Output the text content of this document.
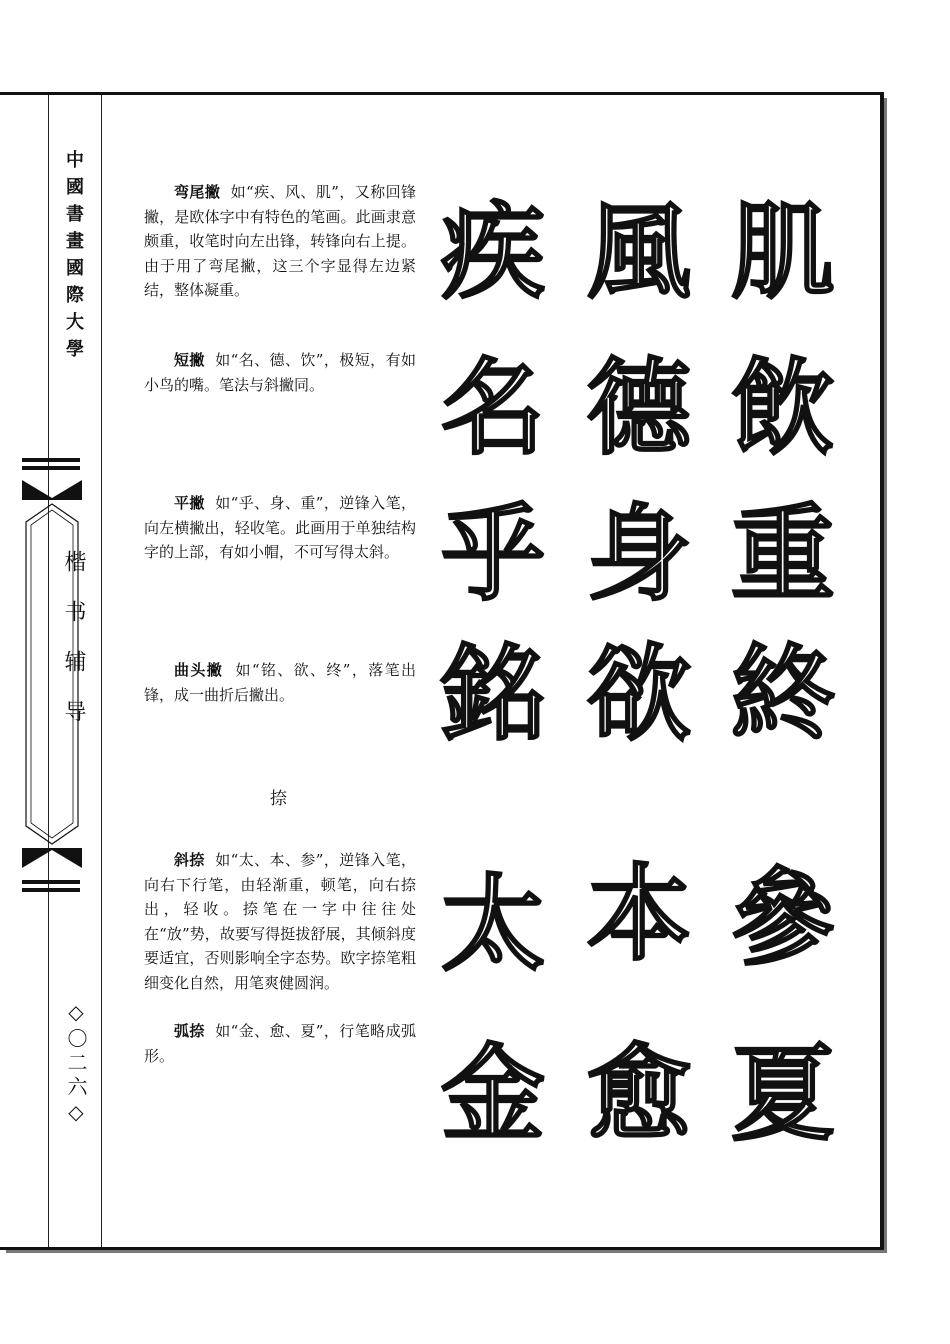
中國書畫國際大學
楷书辅导
◇〇二六◇

弯尾撇 如“疾、风、肌”，又称回锋撇，是欧体字中有特色的笔画。此画隶意颇重，收笔时向左出锋，转锋向右上提。由于用了弯尾撇，这三个字显得左边紧结，整体凝重。

短撇 如“名、德、饮”，极短，有如小鸟的嘴。笔法与斜撇同。

平撇 如“乎、身、重”，逆锋入笔，向左横撇出，轻收笔。此画用于单独结构字的上部，有如小帽，不可写得太斜。

曲头撇 如“铭、欲、终”，落笔出锋，成一曲折后撇出。

捺

斜捺 如“太、本、参”，逆锋入笔，向右下行笔，由轻渐重，顿笔，向右捺出，轻收。捺笔在一字中往往处在“放”势，故要写得挺拔舒展，其倾斜度要适宜，否则影响全字态势。欧字捺笔粗细变化自然，用笔爽健圆润。

弧捺 如“金、愈、夏”，行笔略成弧形。

疾 風 肌
名 德 飲
乎 身 重
銘 欲 終
太 本 參
金 愈 夏
